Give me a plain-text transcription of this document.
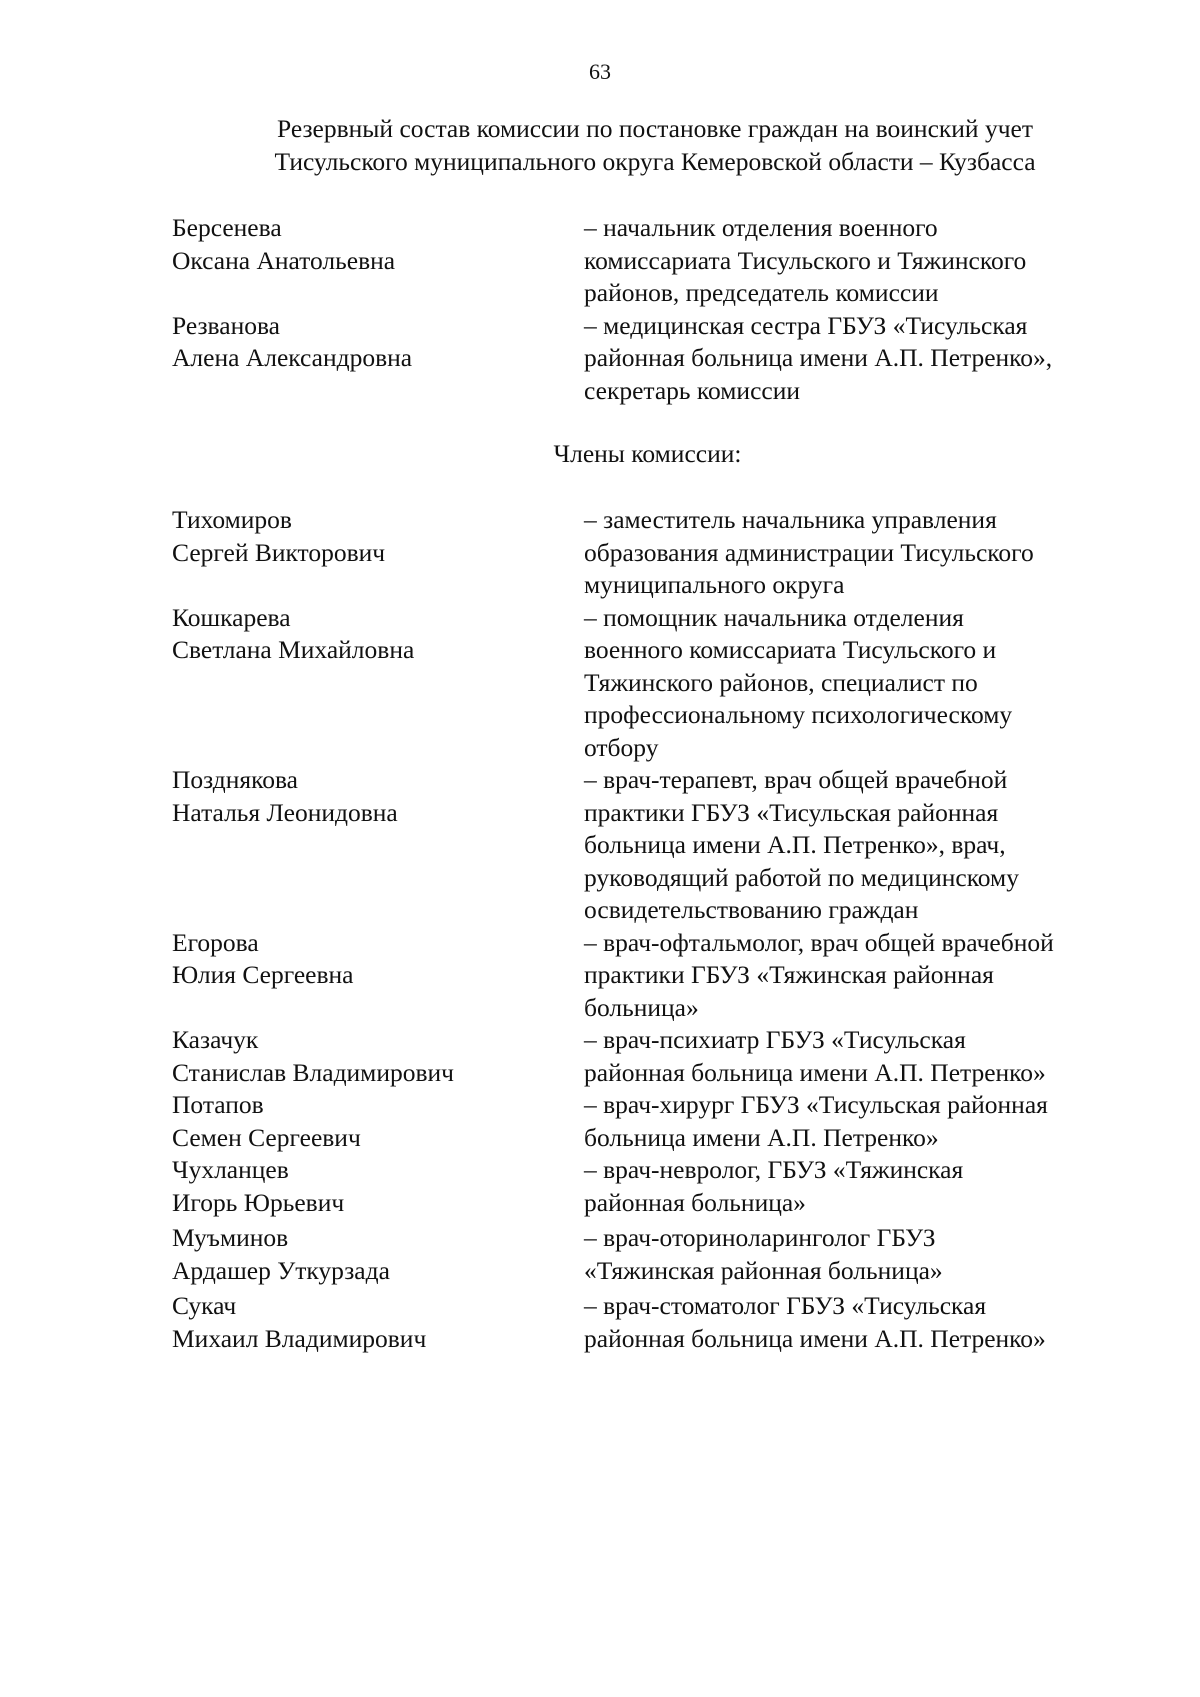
63
Резервный состав комиссии по постановке граждан на воинский учет
Тисульского муниципального округа Кемеровской области – Кузбасса
Берсенева
Оксана Анатольевна
– начальник отделения военного
комиссариата Тисульского и Тяжинского
районов, председатель комиссии
Резванова
Алена Александровна
– медицинская сестра ГБУЗ «Тисульская
районная больница имени А.П. Петренко»,
секретарь комиссии
Члены комиссии:
Тихомиров
Сергей Викторович
– заместитель начальника управления
образования администрации Тисульского
муниципального округа
Кошкарева
Светлана Михайловна
– помощник начальника отделения
военного комиссариата Тисульского и
Тяжинского районов, специалист по
профессиональному психологическому
отбору
Позднякова
Наталья Леонидовна
– врач-терапевт, врач общей врачебной
практики ГБУЗ «Тисульская районная
больница имени А.П. Петренко», врач,
руководящий работой по медицинскому
освидетельствованию граждан
Егорова
Юлия Сергеевна
– врач-офтальмолог, врач общей врачебной
практики ГБУЗ «Тяжинская районная
больница»
Казачук
Станислав Владимирович
– врач-психиатр ГБУЗ «Тисульская
районная больница имени А.П. Петренко»
Потапов
Семен Сергеевич
– врач-хирург ГБУЗ «Тисульская районная
больница имени А.П. Петренко»
Чухланцев
Игорь Юрьевич
– врач-невролог, ГБУЗ «Тяжинская
районная больница»
Муъминов
Ардашер Уткурзада
– врач-оториноларинголог ГБУЗ
«Тяжинская районная больница»
Сукач
Михаил Владимирович
– врач-стоматолог ГБУЗ «Тисульская
районная больница имени А.П. Петренко»
